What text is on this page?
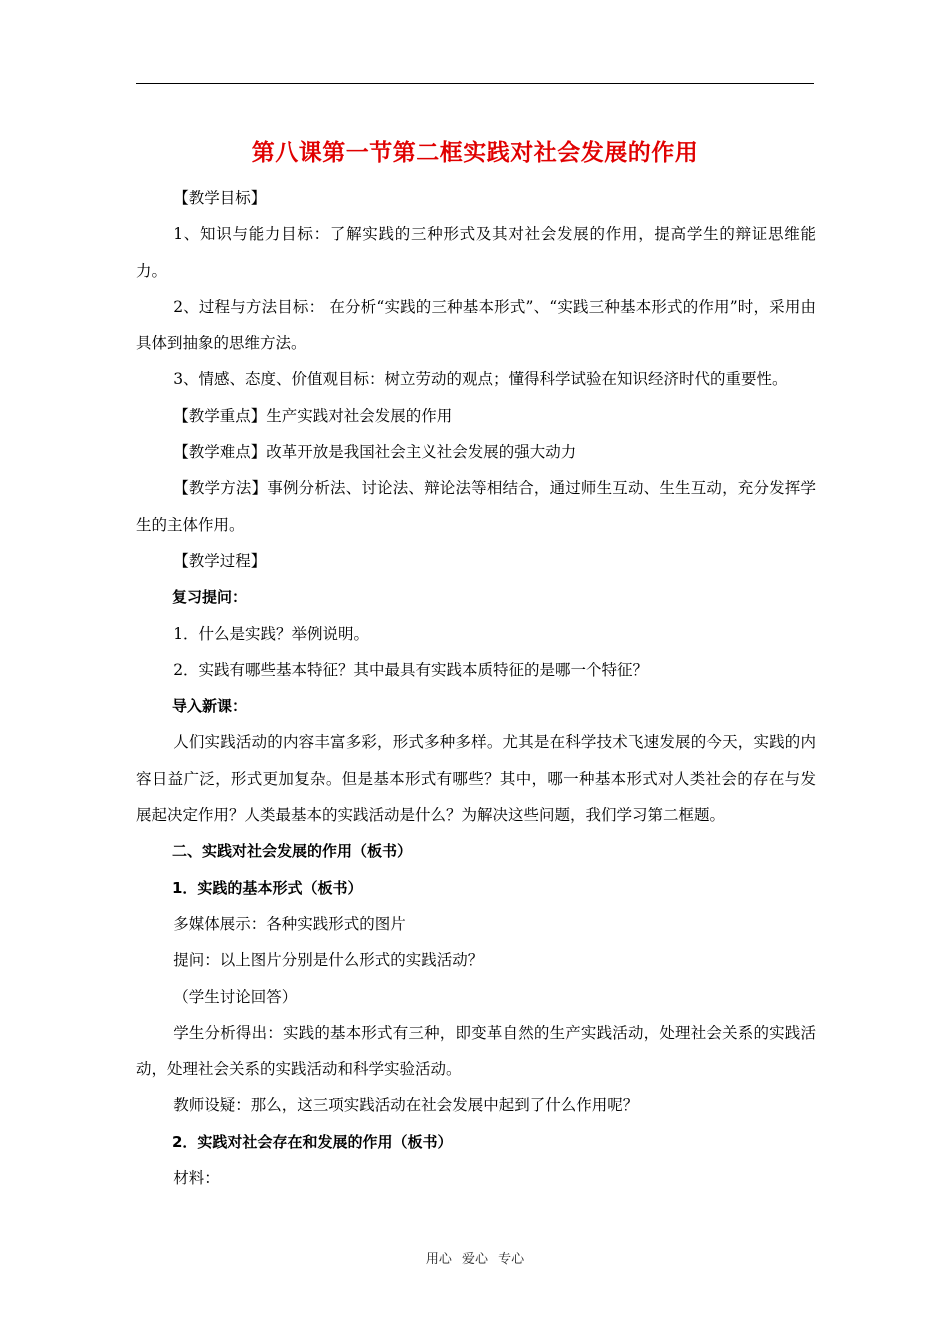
第八课第一节第二框实践对社会发展的作用

【教学目标】

1、知识与能力目标：了解实践的三种形式及其对社会发展的作用，提高学生的辩证思维能力。

2、过程与方法目标： 在分析“实践的三种基本形式”、“实践三种基本形式的作用”时，采用由具体到抽象的思维方法。

3、情感、态度、价值观目标：树立劳动的观点；懂得科学试验在知识经济时代的重要性。

【教学重点】生产实践对社会发展的作用

【教学难点】改革开放是我国社会主义社会发展的强大动力

【教学方法】事例分析法、讨论法、辩论法等相结合，通过师生互动、生生互动，充分发挥学生的主体作用。

【教学过程】

复习提问：

1．什么是实践？举例说明。

2．实践有哪些基本特征？其中最具有实践本质特征的是哪一个特征？

导入新课：

人们实践活动的内容丰富多彩，形式多种多样。尤其是在科学技术飞速发展的今天，实践的内容日益广泛，形式更加复杂。但是基本形式有哪些？其中，哪一种基本形式对人类社会的存在与发展起决定作用？人类最基本的实践活动是什么？为解决这些问题，我们学习第二框题。

二、实践对社会发展的作用（板书）

1．实践的基本形式（板书）

多媒体展示：各种实践形式的图片

提问：以上图片分别是什么形式的实践活动？

（学生讨论回答）

学生分析得出：实践的基本形式有三种，即变革自然的生产实践活动，处理社会关系的实践活动，处理社会关系的实践活动和科学实验活动。

教师设疑：那么，这三项实践活动在社会发展中起到了什么作用呢？

2．实践对社会存在和发展的作用（板书）

材料：

用心 爱心 专心
